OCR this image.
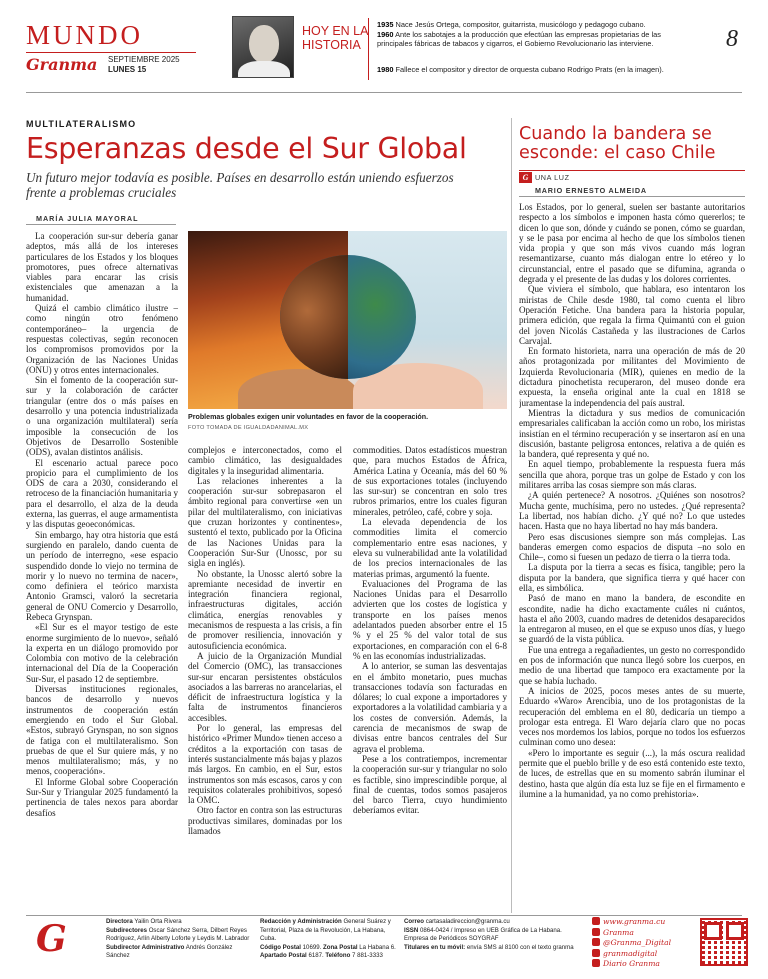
MUNDO
Granma SEPTIEMBRE 2025
LUNES 15
HOY EN LA HISTORIA
1935 Nace Jesús Ortega, compositor, guitarrista, musicólogo y pedagogo cubano.
1960 Ante los sabotajes a la producción que efectúan las empresas propietarias de las principales fábricas de tabacos y cigarros, el Gobierno Revolucionario las interviene.
1980 Fallece el compositor y director de orquesta cubano Rodrigo Prats (en la imagen).
8
MULTILATERALISMO
Esperanzas desde el Sur Global
Un futuro mejor todavía es posible. Países en desarrollo están uniendo esfuerzos frente a problemas cruciales
MARÍA JULIA MAYORAL

La cooperación sur-sur debería ganar adeptos, más allá de los intereses particulares de los Estados y los bloques promotores, pues ofrece alternativas viables para encarar las crisis existenciales que amenazan a la humanidad.

Quizá el cambio climático ilustre –como ningún otro fenómeno contemporáneo– la urgencia de respuestas colectivas, según reconocen los compromisos promovidos por la Organización de las Naciones Unidas (ONU) y otros entes internacionales.

Sin el fomento de la cooperación sur-sur y la colaboración de carácter triangular (entre dos o más países en desarrollo y una potencia industrializada o una organización multilateral) sería imposible la consecución de los Objetivos de Desarrollo Sostenible (ODS), avalan distintos análisis.

El escenario actual parece poco propicio para el cumplimiento de los ODS de cara a 2030, considerando el retroceso de la financiación humanitaria y para el desarrollo, el alza de la deuda externa, las guerras, el auge armamentista y las disputas geoeconómicas.

Sin embargo, hay otra historia que está surgiendo en paralelo, dando cuenta de un período de interregno, «ese espacio suspendido donde lo viejo no termina de morir y lo nuevo no termina de nacer», como definiera el teórico marxista Antonio Gramsci, valoró la secretaria general de ONU Comercio y Desarrollo, Rebeca Grynspan.

«El Sur es el mayor testigo de este enorme surgimiento de lo nuevo», señaló la experta en un diálogo promovido por Colombia con motivo de la celebración internacional del Día de la Cooperación Sur-Sur, el pasado 12 de septiembre.

Diversas instituciones regionales, bancos de desarrollo y nuevos instrumentos de cooperación están emergiendo en todo el Sur Global. «Estos, subrayó Grynspan, no son signos de fatiga con el multilateralismo. Son pruebas de que el Sur quiere más, y no menos multilateralismo; más, y no menos, cooperación».

El Informe Global sobre Cooperación Sur-Sur y Triangular 2025 fundamentó la pertinencia de tales nexos para abordar desafíos

Problemas globales exigen unir voluntades en favor de la cooperación.
FOTO TOMADA DE IGUALDADANIMAL.MX

complejos e interconectados, como el cambio climático, las desigualdades digitales y la inseguridad alimentaria.

Las relaciones inherentes a la cooperación sur-sur sobrepasaron el ámbito regional para convertirse «en un pilar del multilateralismo, con iniciativas que cruzan horizontes y continentes», sustentó el texto, publicado por la Oficina de las Naciones Unidas para la Cooperación Sur-Sur (Unossc, por su sigla en inglés).

No obstante, la Unossc alertó sobre la apremiante necesidad de invertir en integración financiera regional, infraestructuras digitales, acción climática, energías renovables y mecanismos de respuesta a las crisis, a fin de promover resiliencia, innovación y autosuficiencia económica.

A juicio de la Organización Mundial del Comercio (OMC), las transacciones sur-sur encaran persistentes obstáculos asociados a las barreras no arancelarias, el déficit de infraestructura logística y la falta de instrumentos financieros accesibles.

Por lo general, las empresas del histórico «Primer Mundo» tienen acceso a créditos a la exportación con tasas de interés sustancialmente más bajas y plazos más largos. En cambio, en el Sur, estos instrumentos son más escasos, caros y con requisitos colaterales prohibitivos, sopesó la OMC.

Otro factor en contra son las estructuras productivas similares, dominadas por los llamados

commodities. Datos estadísticos muestran que, para muchos Estados de África, América Latina y Oceanía, más del 60 % de sus exportaciones totales (incluyendo las sur-sur) se concentran en solo tres rubros primarios, entre los cuales figuran minerales, petróleo, café, cobre y soja.

La elevada dependencia de los commodities limita el comercio complementario entre esas naciones, y eleva su vulnerabilidad ante la volatilidad de los precios internacionales de las materias primas, argumentó la fuente.

Evaluaciones del Programa de las Naciones Unidas para el Desarrollo advierten que los costes de logística y transporte en los países menos adelantados pueden absorber entre el 15 % y el 25 % del valor total de sus exportaciones, en comparación con el 6-8 % en las economías industrializadas.

A lo anterior, se suman las desventajas en el ámbito monetario, pues muchas transacciones todavía son facturadas en dólares; lo cual expone a importadores y exportadores a la volatilidad cambiaria y a los costes de conversión. Además, la carencia de mecanismos de swap de divisas entre bancos centrales del Sur agrava el problema.

Pese a los contratiempos, incrementar la cooperación sur-sur y triangular no solo es factible, sino imprescindible porque, al final de cuentas, todos somos pasajeros del barco Tierra, cuyo hundimiento deberíamos evitar.

Cuando la bandera se esconde: el caso Chile
G UNA LUZ
MARIO ERNESTO ALMEIDA

Los Estados, por lo general, suelen ser bastante autoritarios respecto a los símbolos e imponen hasta cómo quererlos; te dicen lo que son, dónde y cuándo se ponen, cómo se guardan, y se le pasa por encima al hecho de que los símbolos tienen vida propia y que son más vivos cuando más logran resemantizarse, cuanto más dialogan entre lo etéreo y lo circunstancial, entre el pasado que se difumina, agranda o degrada y el presente de las dudas y los dolores corrientes.

Que viviera el símbolo, que hablara, eso intentaron los miristas de Chile desde 1980, tal como cuenta el libro Operación Fetiche. Una bandera para la historia popular, primera edición, que regala la firma Quimantú con el guion del joven Nicolás Castañeda y las ilustraciones de Carlos Carvajal.

En formato historieta, narra una operación de más de 20 años protagonizada por militantes del Movimiento de Izquierda Revolucionaria (MIR), quienes en medio de la dictadura pinochetista recuperaron, del museo donde era expuesta, la enseña original ante la cual en 1818 se juramentase la independencia del país austral.

Mientras la dictadura y sus medios de comunicación empresariales calificaban la acción como un robo, los miristas insistían en el término recuperación y se insertaron así en una discusión, bastante peligrosa entonces, relativa a de quién es la bandera, qué representa y qué no.

En aquel tiempo, probablemente la respuesta fuera más sencilla que ahora, porque tras un golpe de Estado y con los militares arriba las cosas siempre son más claras.

¿A quién pertenece? A nosotros. ¿Quiénes son nosotros? Mucha gente, muchísima, pero no ustedes. ¿Qué representa? La libertad, nos habían dicho. ¿Y qué no? Lo que ustedes hacen. Hasta que no haya libertad no hay más bandera.

Pero esas discusiones siempre son más complejas. Las banderas emergen como espacios de disputa –no solo en Chile–, como si fuesen un pedazo de tierra o la tierra toda.

La disputa por la tierra a secas es física, tangible; pero la disputa por la bandera, que significa tierra y qué hacer con ella, es simbólica.

Pasó de mano en mano la bandera, de escondite en escondite, nadie ha dicho exactamente cuáles ni cuántos, hasta el año 2003, cuando madres de detenidos desaparecidos la entregaron al museo, en el que se expuso unos días, y luego se guardó de la vista pública.

Fue una entrega a regañadientes, un gesto no correspondido en pos de información que nunca llegó sobre los cuerpos, en medio de una libertad que tampoco era exactamente por la que se había luchado.

A inicios de 2025, pocos meses antes de su muerte, Eduardo «Waro» Arencibia, uno de los protagonistas de la recuperación del emblema en el 80, dedicaría un tiempo a prologar esta entrega. El Waro dejaría claro que no pocas veces nos mordemos los labios, porque no todos los esfuerzos culminan como uno desea:

«Pero lo importante es seguir (...), la más oscura realidad permite que el pueblo brille y de eso está contenido este texto, de luces, de estrellas que en su momento sabrán iluminar el destino, hasta que algún día esta luz se fije en el firmamento e ilumine a la humanidad, ya no como prehistoria».

G	Directora Yailin Orta Rivera
Subdirectores Oscar Sánchez Serra, Dilbert Reyes Rodríguez, Arlín Alberty Loforte y Leydis M. Labrador
Subdirector Administrativo Andrés González Sánchez
Redacción y Administración General Suárez y Territorial, Plaza de la Revolución, La Habana, Cuba.
Código Postal 10699. Zona Postal La Habana 6.
Apartado Postal 6187. Teléfono 7 881-3333
Correo cartasaladireccion@granma.cu
ISSN 0864-0424 / Impreso en UEB Gráfica de La Habana. Empresa de Periódicos SOYGRAF
Titulares en tu móvil: envía SMS al 8100 con el texto granma
www.granma.cu
Granma
@Granma_Digital
granmadigital
Diario Granma
